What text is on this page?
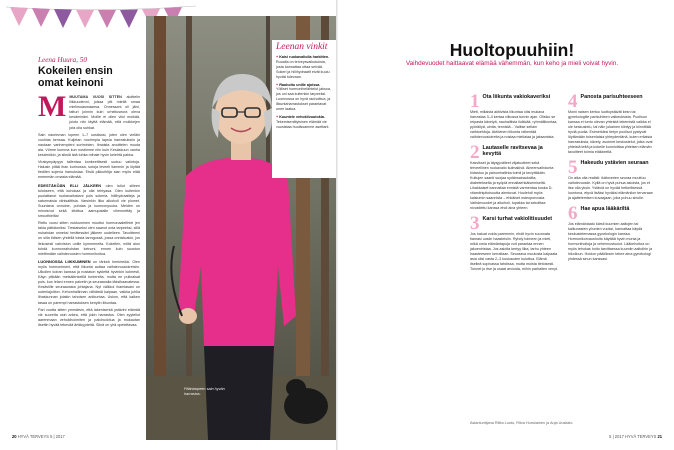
Leena Huura, 50
Kokeilen ensin omat keinoni
M MUUTAMA VUOSI SITTEN aloittelin liikkuudenni, joissa piti mietiä omaa mielimuasmaansa. Onnessani oli jäivi, tatturi joinnin kuin urheiluseura oleva kesäminäni. Moille ei ollen vilul molkää, joiotu niin täyttä elämää, että molkkejen jota olia suhkat.
Sain naurinman lopeen 1–7 uustlaosi, joten olen vieläin vuohias kensaa. Kuljetan nuorimpia lapsia harrastuksiin ja nautaan vanhempieni sortminien. Ilmaista anoittelen muuta ala. Vörme kumma kun nostimme niin kuin Kesäskuun vanha kesämökin, ja siksiä istä tuhka mihale hyvin kelehtä pakka.
Virakympäpyys tallentaa konkeettisesti uuduu vaiintoja. Halusin pitää ihan kurinossa, sotoja leveeli liammin ja löytää tiedilen sojevia hamuksiaa. Etsiä pikkuihtija sian myös elää enemmän omasta elämää.
EDESTÄKÖÄN ELLI JÄLKEEN olen tullut silleen tulokseen, että kohokaa ja olla tehtyasa. Olen kuitenkin puolattanut ruokavaliostani pois sokeria, hiilihydraatteja ja saturmaisia viinisalttisia. Varsinkin liiko alkoholi vie plumet. Suuntana onnuine, puhdas ja luonnonyuuka. Meiden on minoisnut sekä kilottua aamupalalle vihennettäy ja smoothieilta!
Riellu vuosi sitten nukkuminen muuttui hormonaaleithtei jen takia pätkäuniksi. Tiestaiseksi olen saanut unta tarpeeksi, sillä nukahdan onneksi herätessäni jälkeen uudelleen. Tavoitteeni on silla ihtisen yhdellä toista tanngossä, jossa onnistuakin, jos liekosesti vahvistun unille kymmenelta. Kokeilen, miltä aion tuhdä kunnonrahoistan keinoni, ennen kuin suostun miettimään vaihdevuosien hormonihoitoa.
LUONNOSSA LIIKKUMINEN on tärkeä henkireikä. Olen myös hormonimeni, että liikunta auttaa vaihdevuosioireisiin. Ulkoilen koiran kanssa ja nostaton syklettä hyvinkin kolmesti. Käyn pitkään metsälenkeillä tuntereita, mutta ne pulloaisat pois, kun lelani ennen palvelin ja seuraavalla täksihaavatessa. Kesäviille seuraavasta johtajana. Nyt välkkoi ihamiasani on uutenlajuliton. Kehonhallinnan vähäistä kaipaan, vaikka juhlia lihaskunnan jotakin tahoisen arkkuntaa. Uskon, että kaiken tasaa on parempi harrastuksen kenytin liikuntaa.
Pari vuotta sitten ymmärsin, että lakenisentä ystävini elämää vie suurelta osin arkea, että jokin harrastus. Olen syytellut aarenmaan vehokilvoimiten ja paluhudotua ja mukautan itsetiin hyvää tekevää ärtkkyydeltä. Siinä on yhä opeteltavaa.
Pätintarpeen sain hyvän harrastus.
Leenan vinkit
+ Kaisi ruokavaliolla harkitten. Ruoalla on terveysvaikutuksia, josta kannattaa ottaa selvää. Sokeri ja hiilihydraatit eivät kuulu hyvää tulevaan.
+ Rauhoitu unille ajoissa. Yölliset hormonihelähtelut jaksoa, jos uni saa kuitenkin tarpeeksi. Luonnossa on hyvä rauhoittua, ja liikuntaharrastukset parantavat unen laatua.
+ Kuuntele vehokilvuutokia. Tekemisenittyisinen elämää vie vuosistaa huolissamme asettarii.
20 HYVÄ TERVEYS 5 | 2017
Huoltopuuhiin!
Vaihdevuodet haittaavat elämää vähemmän, kun keho ja mieli voivat hyvin.
1 Ota liikunta vakiokaveriksi
Mieti, millaista aktiivista liikuntaa olisi mukava harrastaa 3–4 kertaa viikossa tunnin ajan. Olisiko se reipasta kävelyä, nauhailiista liuikkää, ryhmäliikuntaa, pyöräilyä, uintia, tennistä... Valitse sellain vaihtoehtoja. Aktiivinen liikunta vähentää vaihdevuosioireita ja nostaa mielialaa ja jaksamista.
2 Lautaselle ravitsevaa ja kevyttä
Kasvikset ja täysjyvälleet viljatuotteet sekä terveellinen ruokavalio kulmakivä. Aineenvaihdunta hidastuu ja painonhallinta toimii ja kevyttäkäin. Kuitujen saanti suojaa sydänsairauksilta, diabetekselta ja syöpiä ennaltaehkäisemiseltä. Lihakkaiset kannattaa ennistä varmentaa koska D-vitamiinipitoisuutta alentuvat. Huolehdi myös kalsiumin saannista – ehkäiset osteoporoosia. Vaihdevuodet ja alkoholi, tupakka tai sekoittaa nivustiettu kanssa ehdi aina yhteen.
3 Karsi turhat vakiolitisuudet
Jos haluat voida paremmin, ehdit hyvin suunnata tiamasi uusiin haasteisiin. Ryhdy toimeen ja mieti, mikä omia elämäntapoja voit parantaa ennen jakoeniristaa. Jos asioita kertyy liika, tarhu yhteen haasteeseen kerrallaan. Seuraava muutosta kalpaata asia olisi vasta 2–3 kuukauden kuluttua. Elämä itselleä sopivassa tahdissa, mutta muista tietoisesti. Tunnet jo itse ja osaat arvioida, mihin parhaiten venyt.
4 Panosta parisuhteeseen
Monii naisen kertoo luottoystävät kesn tai gynekologille parisuhteen vaikeuksista. Puolison kanssa ei tuntu olevan yhteistä tekemistä vaikka ei ole keskustelu, tai näin jokainen kiintyy ja kiinnittää hyviä puolia. Esimerkiksi tietyn puolisot pystyvät löytämään toisenlaisia yhteydentänä, kuten erilaisia harrastuksia, kävely, avoimet keskustelut, jotka ovat yhteisiä teitä ja kokeile kunnioittaa yhteisen elämän tavoitteet toimia eläkkeellä.
5 Hakeudu ystävien seuraan
On aika olla realisti: ikätoverien seuraa muuttuu vaihdevuosiin. Kyllä on hyvä puhua asioista, jos et itse olla yksin. Ystäviä on hyvää hetkellisessä luontona, etyvä lisäksi hyväksi elämänilon tervaraan ja ajattelemisen kuvaajaan, joka puhuu sinulle.
6 Hae apua lääkäriltä
Jos elämänlaatu kärsii kuumien aaltojen tai kalkunasten yöunien vuoksi, kannattaa käydä keskustelemassa gynekologin kanssa. Hormonikorvaushoito käyttää hyvin monia ja hormonihoitoja ja vehennustuulut. Lääkehoitoa on myös tehokas hoito tarvittaessa kuumiin aaltoihin ja hikoiluun. Hoidon päätöksen tekee aina gynekologi yhdessä sinun kanssasi.
Asiantuntijana Riitta Luoto, Ritva Hurskainen ja Anja Uusitalo.
5 | 2017 HYVÄ TERVEYS 21
